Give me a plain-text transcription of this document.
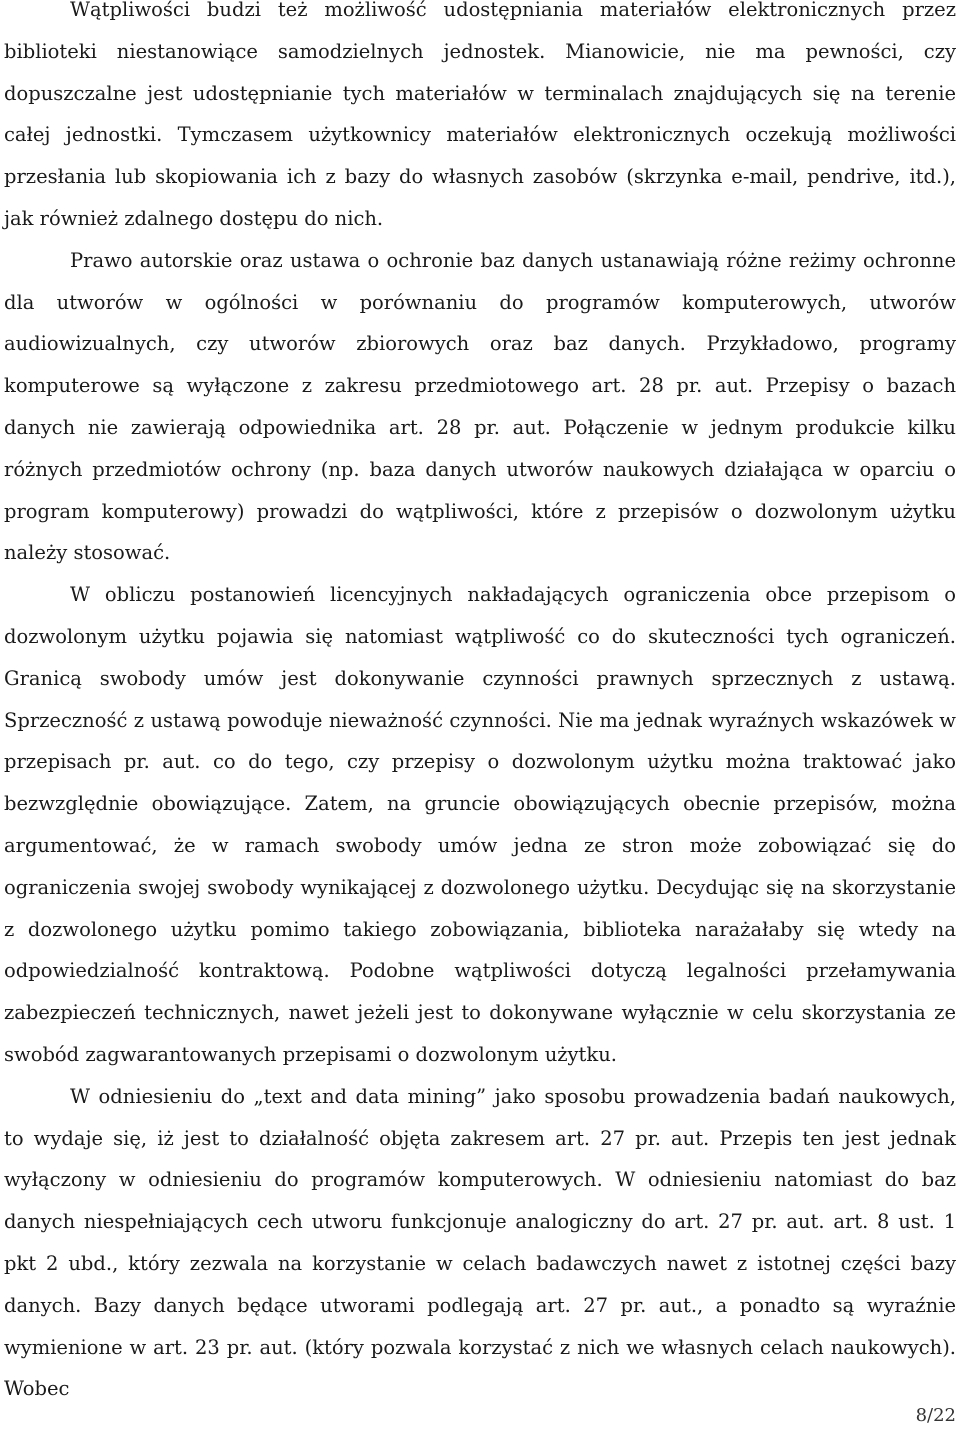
Wątpliwości budzi też możliwość udostępniania materiałów elektronicznych przez biblioteki niestanowiące samodzielnych jednostek. Mianowicie, nie ma pewności, czy dopuszczalne jest udostępnianie tych materiałów w terminalach znajdujących się na terenie całej jednostki. Tymczasem użytkownicy materiałów elektronicznych oczekują możliwości przesłania lub skopiowania ich z bazy do własnych zasobów (skrzynka e-mail, pendrive, itd.), jak również zdalnego dostępu do nich.

Prawo autorskie oraz ustawa o ochronie baz danych ustanawiają różne reżimy ochronne dla utworów w ogólności w porównaniu do programów komputerowych, utworów audiowizualnych, czy utworów zbiorowych oraz baz danych. Przykładowo, programy komputerowe są wyłączone z zakresu przedmiotowego art. 28 pr. aut. Przepisy o bazach danych nie zawierają odpowiednika art. 28 pr. aut. Połączenie w jednym produkcie kilku różnych przedmiotów ochrony (np. baza danych utworów naukowych działająca w oparciu o program komputerowy) prowadzi do wątpliwości, które z przepisów o dozwolonym użytku należy stosować.

W obliczu postanowień licencyjnych nakładających ograniczenia obce przepisom o dozwolonym użytku pojawia się natomiast wątpliwość co do skuteczności tych ograniczeń. Granicą swobody umów jest dokonywanie czynności prawnych sprzecznych z ustawą. Sprzeczność z ustawą powoduje nieważność czynności. Nie ma jednak wyraźnych wskazówek w przepisach pr. aut. co do tego, czy przepisy o dozwolonym użytku można traktować jako bezwzględnie obowiązujące. Zatem, na gruncie obowiązujących obecnie przepisów, można argumentować, że w ramach swobody umów jedna ze stron może zobowiązać się do ograniczenia swojej swobody wynikającej z dozwolonego użytku. Decydując się na skorzystanie z dozwolonego użytku pomimo takiego zobowiązania, biblioteka narażałaby się wtedy na odpowiedzialność kontraktową. Podobne wątpliwości dotyczą legalności przełamywania zabezpieczeń technicznych, nawet jeżeli jest to dokonywane wyłącznie w celu skorzystania ze swobód zagwarantowanych przepisami o dozwolonym użytku.

W odniesieniu do „text and data mining” jako sposobu prowadzenia badań naukowych, to wydaje się, iż jest to działalność objęta zakresem art. 27 pr. aut. Przepis ten jest jednak wyłączony w odniesieniu do programów komputerowych. W odniesieniu natomiast do baz danych niespełniających cech utworu funkcjonuje analogiczny do art. 27 pr. aut. art. 8 ust. 1 pkt 2 ubd., który zezwala na korzystanie w celach badawczych nawet z istotnej części bazy danych. Bazy danych będące utworami podlegają art. 27 pr. aut., a ponadto są wyraźnie wymienione w art. 23 pr. aut. (który pozwala korzystać z nich we własnych celach naukowych). Wobec

8/22
